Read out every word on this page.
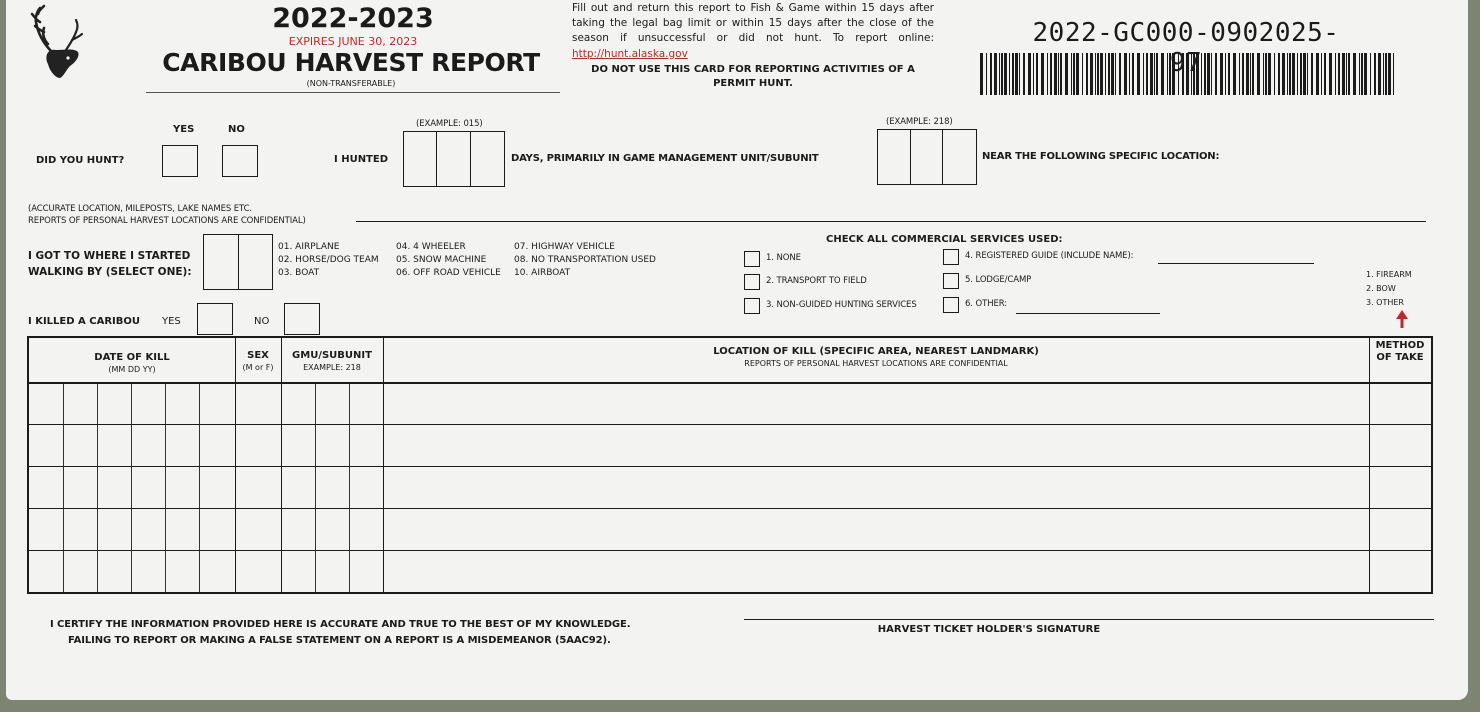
2022-2023
EXPIRES JUNE 30, 2023
CARIBOU HARVEST REPORT
(NON-TRANSFERABLE)
Fill out and return this report to Fish & Game within 15 days after taking the legal bag limit or within 15 days after the close of the season if unsuccessful or did not hunt. To report online: http://hunt.alaska.gov
DO NOT USE THIS CARD FOR REPORTING ACTIVITIES OF A PERMIT HUNT.
2022-GC000-0902025-97
YES	NO
DID YOU HUNT?	I HUNTED
(EXAMPLE: 015)
DAYS, PRIMARILY IN GAME MANAGEMENT UNIT/SUBUNIT
(EXAMPLE: 218)
NEAR THE FOLLOWING SPECIFIC LOCATION:
(ACCURATE LOCATION, MILEPOSTS, LAKE NAMES ETC.
REPORTS OF PERSONAL HARVEST LOCATIONS ARE CONFIDENTIAL)
I GOT TO WHERE I STARTED
WALKING BY (SELECT ONE):
01. AIRPLANE
02. HORSE/DOG TEAM
03. BOAT
04. 4 WHEELER
05. SNOW MACHINE
06. OFF ROAD VEHICLE
07. HIGHWAY VEHICLE
08. NO TRANSPORTATION USED
10. AIRBOAT
CHECK ALL COMMERCIAL SERVICES USED:
1. NONE
2. TRANSPORT TO FIELD
3. NON-GUIDED HUNTING SERVICES
4. REGISTERED GUIDE (INCLUDE NAME):
5. LODGE/CAMP
6. OTHER:
1. FIREARM
2. BOW
3. OTHER
I KILLED A CARIBOU YES	NO
DATE OF KILL
(MM DD YY)
SEX
(M or F)
GMU/SUBUNIT
EXAMPLE: 218
LOCATION OF KILL (SPECIFIC AREA, NEAREST LANDMARK)
REPORTS OF PERSONAL HARVEST LOCATIONS ARE CONFIDENTIAL
METHOD
OF TAKE
I CERTIFY THE INFORMATION PROVIDED HERE IS ACCURATE AND TRUE TO THE BEST OF MY KNOWLEDGE.
FAILING TO REPORT OR MAKING A FALSE STATEMENT ON A REPORT IS A MISDEMEANOR (5AAC92).
HARVEST TICKET HOLDER'S SIGNATURE
